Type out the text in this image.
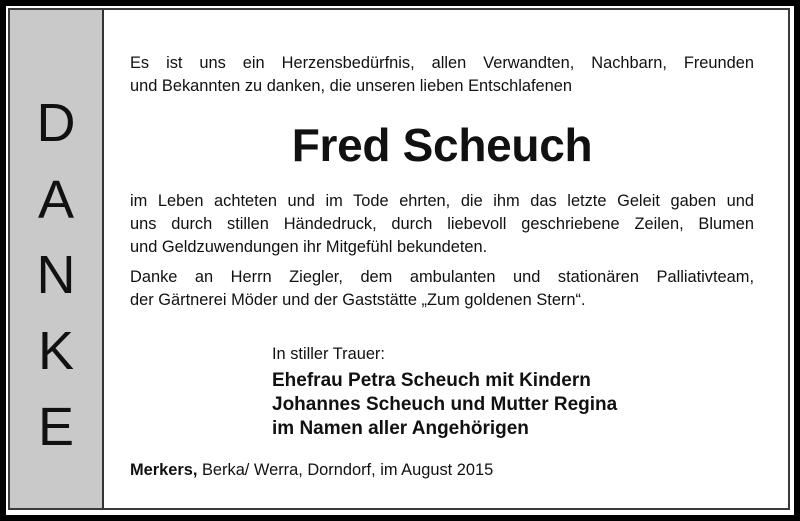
D
A
N
K
E
Es ist uns ein Herzensbedürfnis, allen Verwandten, Nachbarn, Freunden
und Bekannten zu danken, die unseren lieben Entschlafenen
Fred Scheuch
im Leben achteten und im Tode ehrten, die ihm das letzte Geleit gaben und
uns durch stillen Händedruck, durch liebevoll geschriebene Zeilen, Blumen
und Geldzuwendungen ihr Mitgefühl bekundeten.
Danke an Herrn Ziegler, dem ambulanten und stationären Palliativteam,
der Gärtnerei Möder und der Gaststätte „Zum goldenen Stern“.
In stiller Trauer:
Ehefrau Petra Scheuch mit Kindern
Johannes Scheuch und Mutter Regina
im Namen aller Angehörigen
Merkers, Berka/ Werra, Dorndorf, im August 2015
